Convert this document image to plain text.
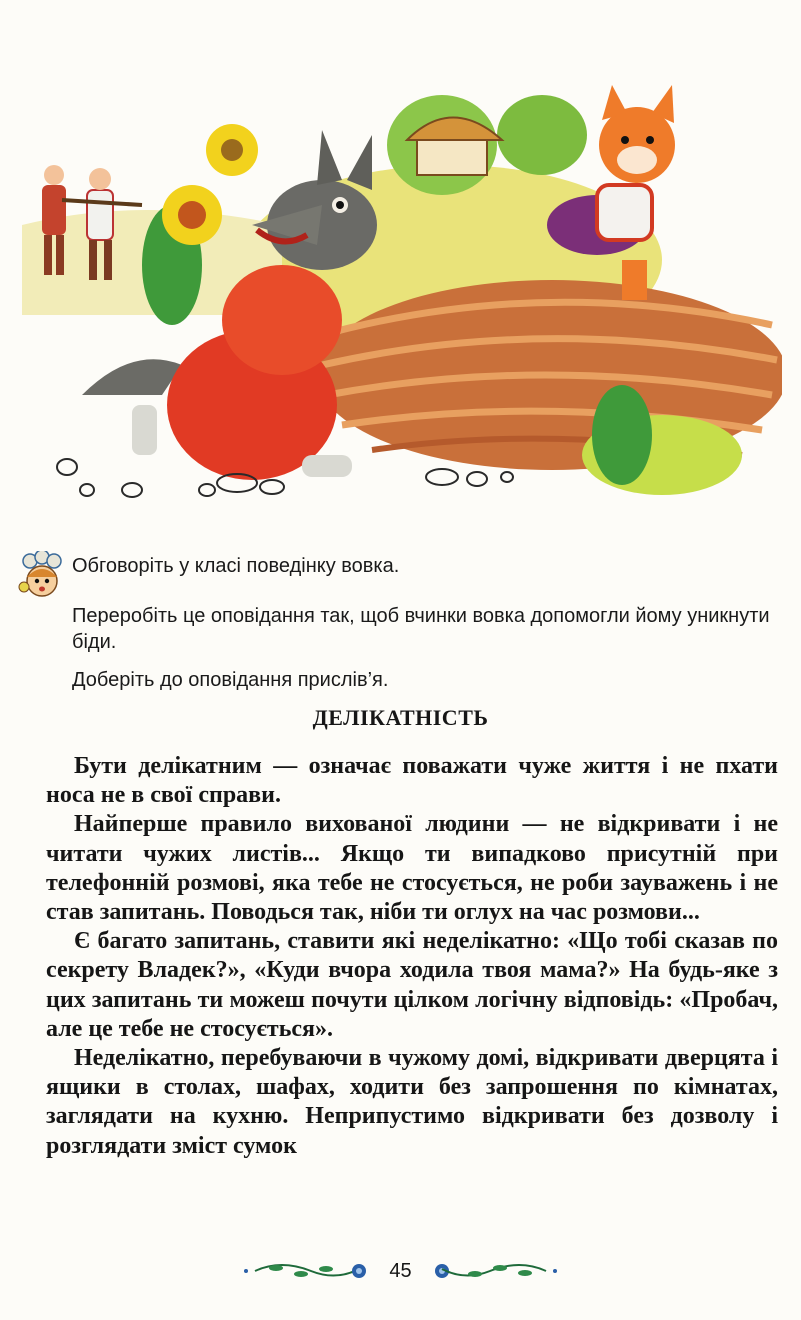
Обговоріть у класі поведінку вовка.

Переробіть це оповідання так, щоб вчинки вовка допомогли йому уникнути біди.

Доберіть до оповідання прислів’я.

ДЕЛІКАТНІСТЬ

Бути делікатним — означає поважати чуже життя і не пхати носа не в свої справи.

Найперше правило вихованої людини — не відкривати і не читати чужих листів... Якщо ти випадково присутній при телефонній розмові, яка тебе не стосується, не роби зауважень і не став запитань. Поводься так, ніби ти оглух на час розмови...

Є багато запитань, ставити які неделікатно: «Що тобі сказав по секрету Владек?», «Куди вчора ходила твоя мама?» На будь-яке з цих запитань ти можеш почути цілком логічну відповідь: «Пробач, але це тебе не стосується».

Неделікатно, перебуваючи в чужому домі, відкривати дверцята і ящики в столах, шафах, ходити без запрошення по кімнатах, заглядати на кухню. Неприпустимо відкривати без дозволу і розглядати зміст сумок

45
